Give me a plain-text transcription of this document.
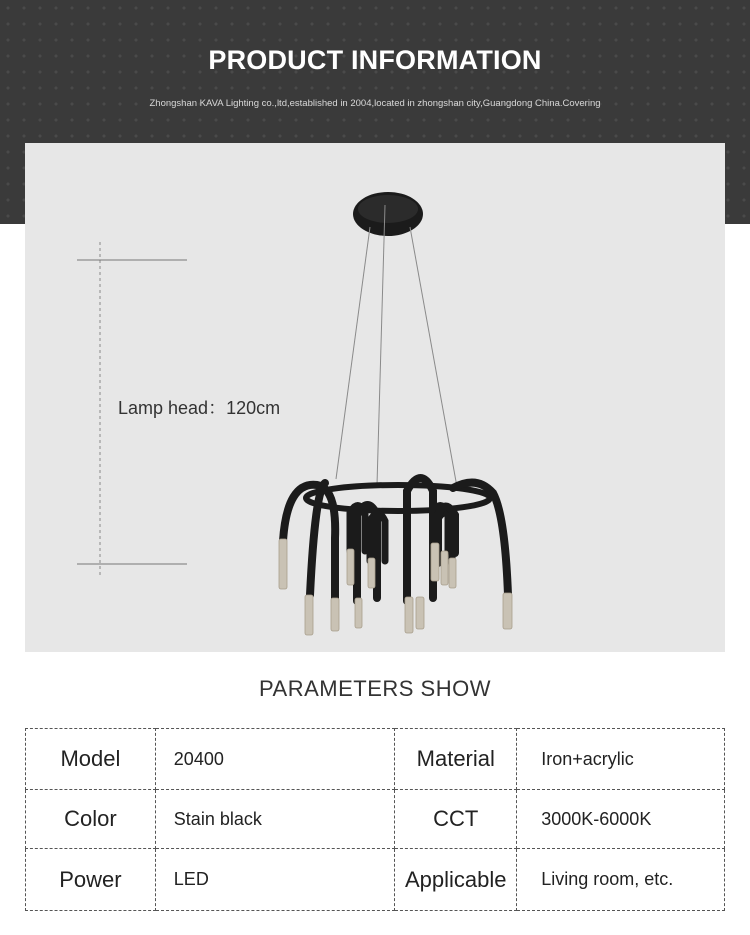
PRODUCT INFORMATION
Zhongshan KAVA Lighting co.,ltd,established in 2004,located in zhongshan city,Guangdong China.Covering
Lamp head：120cm
PARAMETERS SHOW
Model	20400	Material	Iron+acrylic
Color	Stain black	CCT	3000K-6000K
Power	LED	Applicable	Living room, etc.
